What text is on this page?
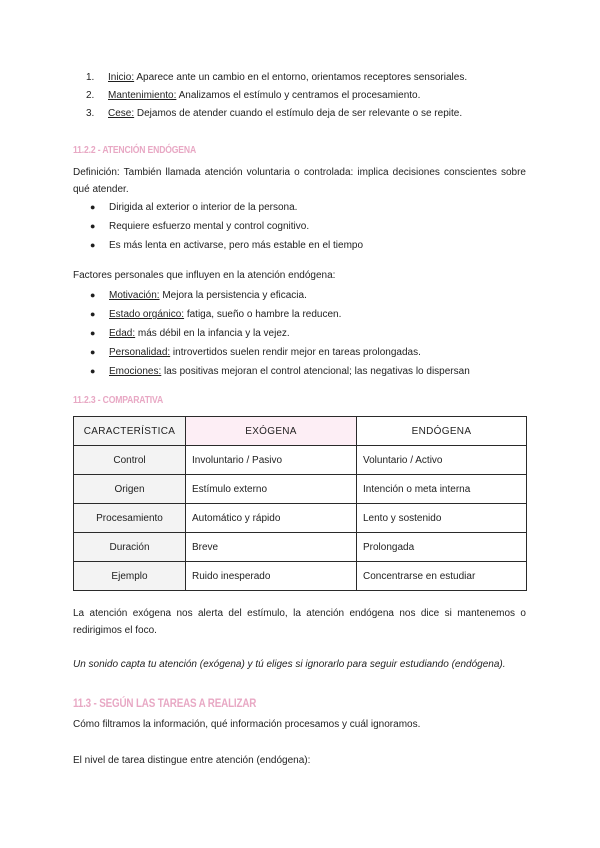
1. Inicio: Aparece ante un cambio en el entorno, orientamos receptores sensoriales.
2. Mantenimiento: Analizamos el estímulo y centramos el procesamiento.
3. Cese: Dejamos de atender cuando el estímulo deja de ser relevante o se repite.
11.2.2 - ATENCIÓN ENDÓGENA
Definición: También llamada atención voluntaria o controlada: implica decisiones conscientes sobre qué atender.
● Dirigida al exterior o interior de la persona.
● Requiere esfuerzo mental y control cognitivo.
● Es más lenta en activarse, pero más estable en el tiempo
Factores personales que influyen en la atención endógena:
● Motivación: Mejora la persistencia y eficacia.
● Estado orgánico: fatiga, sueño o hambre la reducen.
● Edad: más débil en la infancia y la vejez.
● Personalidad: introvertidos suelen rendir mejor en tareas prolongadas.
● Emociones: las positivas mejoran el control atencional; las negativas lo dispersan
11.2.3 - COMPARATIVA
CARACTERÍSTICA	EXÓGENA	ENDÓGENA
Control	Involuntario / Pasivo	Voluntario / Activo
Origen	Estímulo externo	Intención o meta interna
Procesamiento	Automático y rápido	Lento y sostenido
Duración	Breve	Prolongada
Ejemplo	Ruido inesperado	Concentrarse en estudiar
La atención exógena nos alerta del estímulo, la atención endógena nos dice si mantenemos o redirigimos el foco.
Un sonido capta tu atención (exógena) y tú eliges si ignorarlo para seguir estudiando (endógena).
11.3 - SEGÚN LAS TAREAS A REALIZAR
Cómo filtramos la información, qué información procesamos y cuál ignoramos.
El nivel de tarea distingue entre atención (endógena):
